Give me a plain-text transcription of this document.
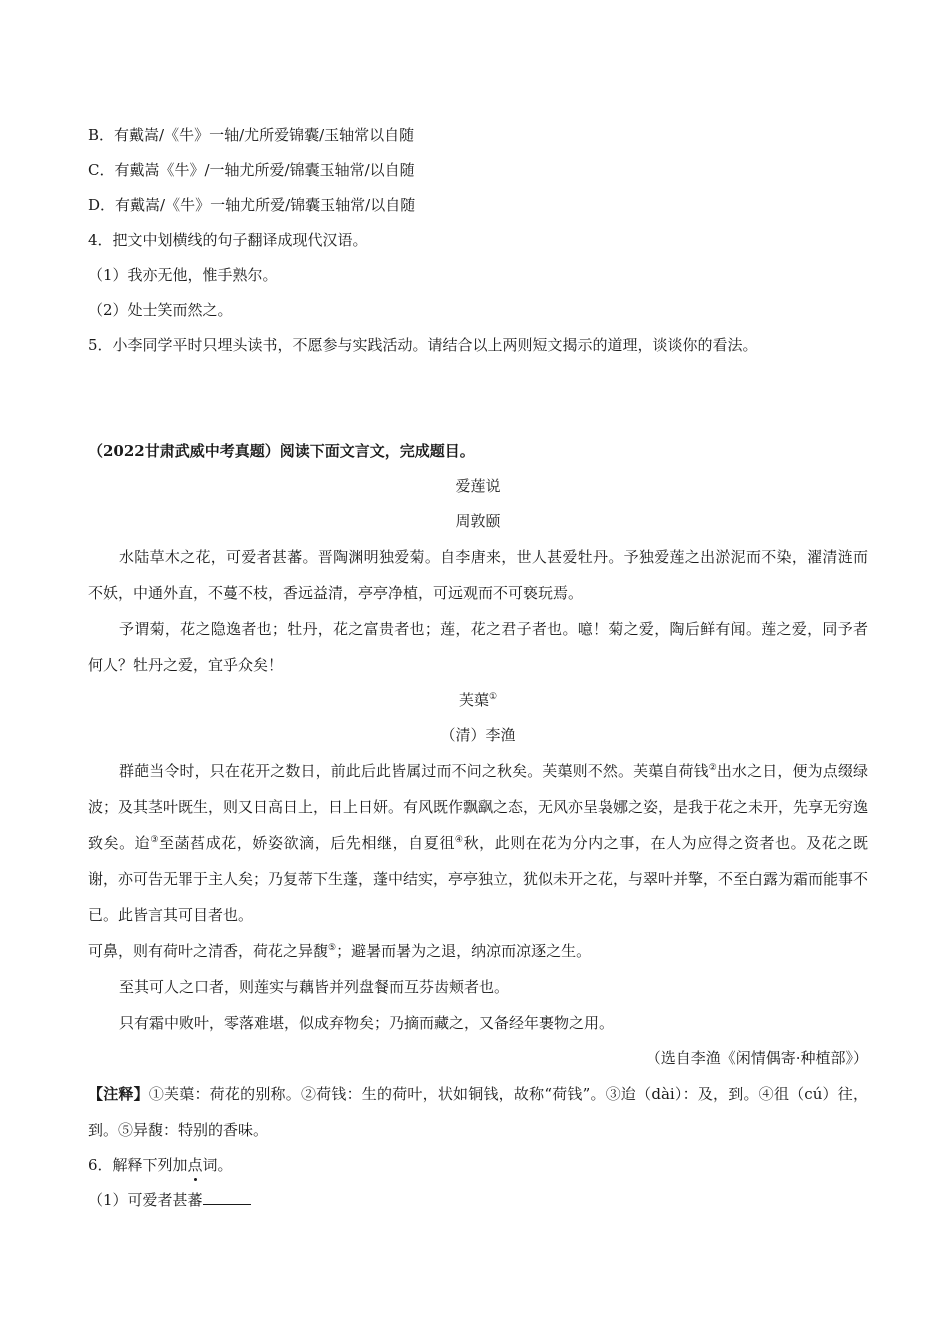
B．有戴嵩/《牛》一轴/尤所爱锦囊/玉轴常以自随
C．有戴嵩《牛》/一轴尤所爱/锦囊玉轴常/以自随
D．有戴嵩/《牛》一轴尤所爱/锦囊玉轴常/以自随
4．把文中划横线的句子翻译成现代汉语。
（1）我亦无他，惟手熟尔。
（2）处士笑而然之。
5．小李同学平时只埋头读书，不愿参与实践活动。请结合以上两则短文揭示的道理，谈谈你的看法。
（2022甘肃武威中考真题）阅读下面文言文，完成题目。
爱莲说
周敦颐
水陆草木之花，可爱者甚蕃。晋陶渊明独爱菊。自李唐来，世人甚爱牡丹。予独爱莲之出淤泥而不染，濯清涟而不妖，中通外直，不蔓不枝，香远益清，亭亭净植，可远观而不可亵玩焉。
予谓菊，花之隐逸者也；牡丹，花之富贵者也；莲，花之君子者也。噫！菊之爱，陶后鲜有闻。莲之爱，同予者何人？牡丹之爱，宜乎众矣！
芙蕖①
（清）李渔
群葩当令时，只在花开之数日，前此后此皆属过而不问之秋矣。芙蕖则不然。芙蕖自荷钱②出水之日，便为点缀绿波；及其茎叶既生，则又日高日上，日上日妍。有风既作飘飖之态，无风亦呈袅娜之姿，是我于花之未开，先享无穷逸致矣。迨③至菡萏成花，娇姿欲滴，后先相继，自夏徂④秋，此则在花为分内之事，在人为应得之资者也。及花之既谢，亦可告无罪于主人矣；乃复蒂下生蓬，蓬中结实，亭亭独立，犹似未开之花，与翠叶并擎，不至白露为霜而能事不已。此皆言其可目者也。
可鼻，则有荷叶之清香，荷花之异馥⑤；避暑而暑为之退，纳凉而凉逐之生。
至其可人之口者，则莲实与藕皆并列盘餐而互芬齿颊者也。
只有霜中败叶，零落难堪，似成弃物矣；乃摘而藏之，又备经年裹物之用。
（选自李渔《闲情偶寄·种植部》）
【注释】①芙蕖：荷花的别称。②荷钱：生的荷叶，状如铜钱，故称“荷钱”。③迨（dài）：及，到。④徂（cú）往，到。⑤异馥：特别的香味。
6．解释下列加点词。
（1）可爱者甚蕃
